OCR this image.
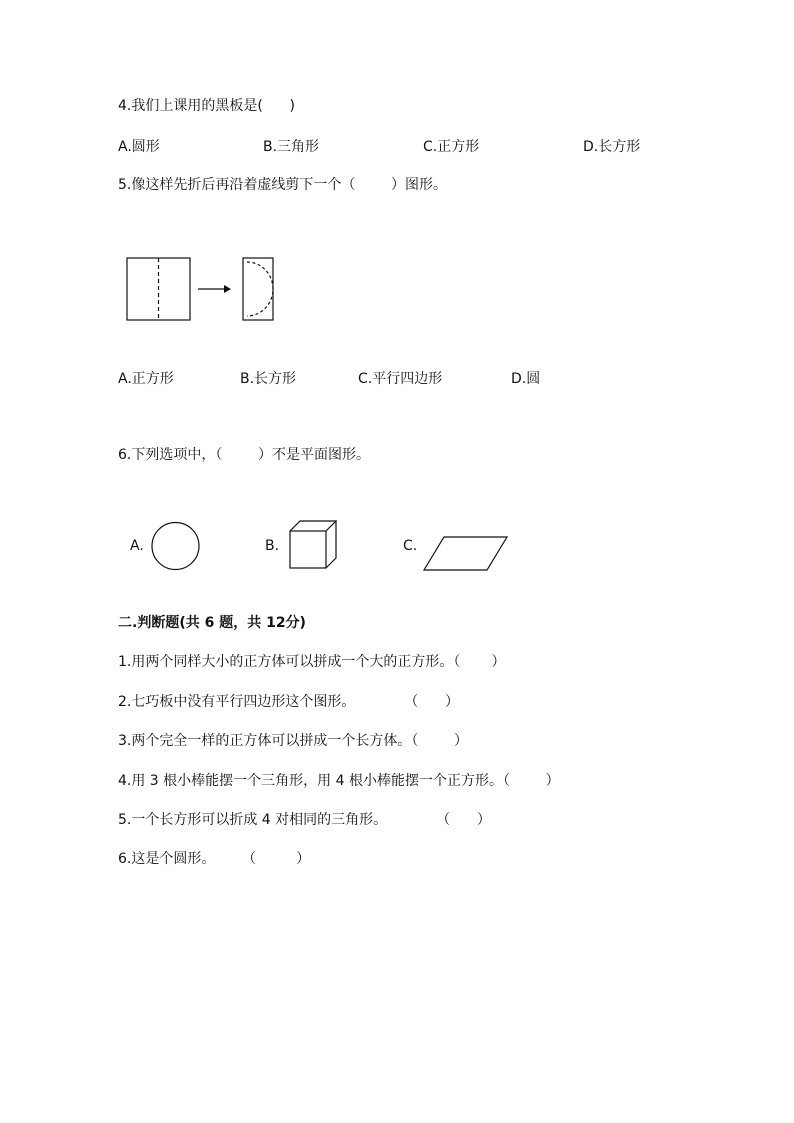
4.我们上课用的黑板是(      )
A.圆形	B.三角形	C.正方形	D.长方形
5.像这样先折后再沿着虚线剪下一个（        ）图形。
A.正方形	B.长方形	C.平行四边形	D.圆
6.下列选项中，（        ）不是平面图形。
A.	B.	C.
二.判断题(共 6 题，共 12分)
1.用两个同样大小的正方体可以拼成一个大的正方形。（       ）
2.七巧板中没有平行四边形这个图形。           （      ）
3.两个完全一样的正方体可以拼成一个长方体。（        ）
4.用 3 根小棒能摆一个三角形，用 4 根小棒能摆一个正方形。（        ）
5.一个长方形可以折成 4 对相同的三角形。           （      ）
6.这是个圆形。      （         ）
